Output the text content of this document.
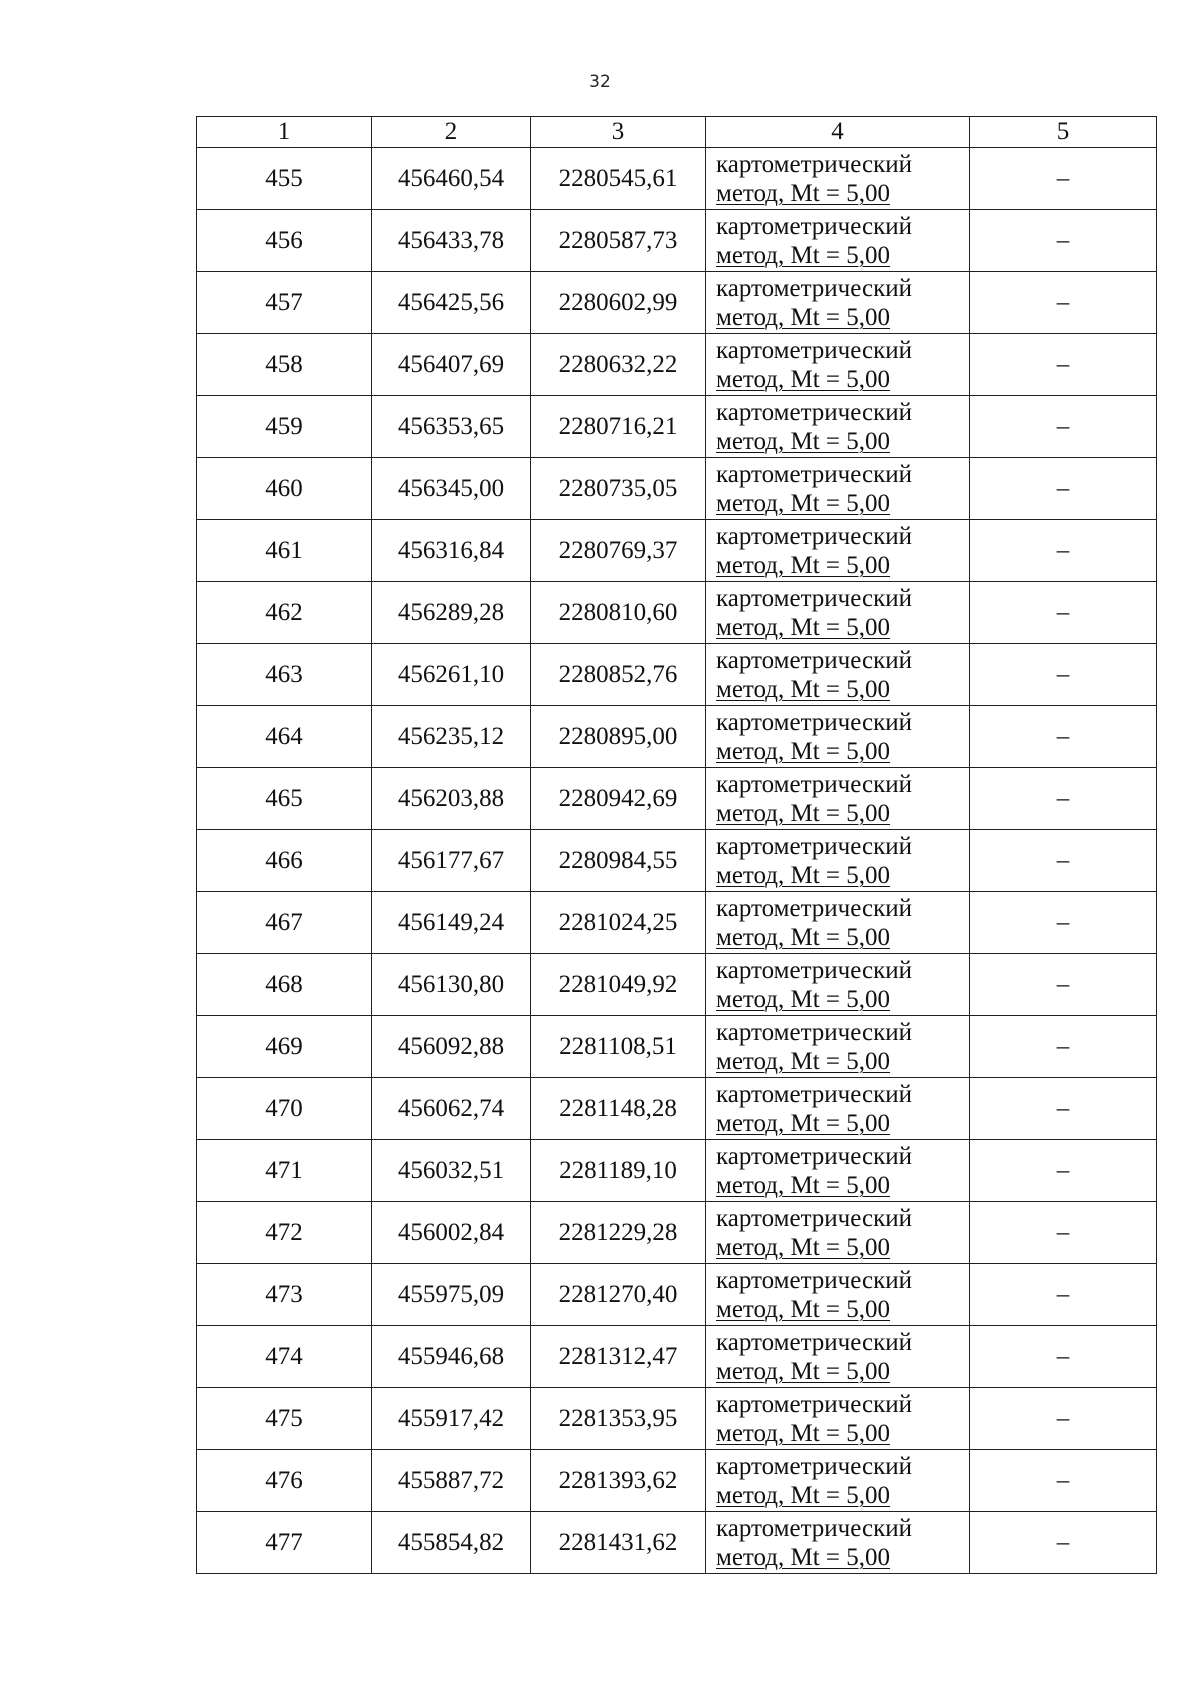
32
1	2	3	4	5
455	456460,54	2280545,61	картометрический
метод, Mt = 5,00	–
456	456433,78	2280587,73	картометрический
метод, Mt = 5,00	–
457	456425,56	2280602,99	картометрический
метод, Mt = 5,00	–
458	456407,69	2280632,22	картометрический
метод, Mt = 5,00	–
459	456353,65	2280716,21	картометрический
метод, Mt = 5,00	–
460	456345,00	2280735,05	картометрический
метод, Mt = 5,00	–
461	456316,84	2280769,37	картометрический
метод, Mt = 5,00	–
462	456289,28	2280810,60	картометрический
метод, Mt = 5,00	–
463	456261,10	2280852,76	картометрический
метод, Mt = 5,00	–
464	456235,12	2280895,00	картометрический
метод, Mt = 5,00	–
465	456203,88	2280942,69	картометрический
метод, Mt = 5,00	–
466	456177,67	2280984,55	картометрический
метод, Mt = 5,00	–
467	456149,24	2281024,25	картометрический
метод, Mt = 5,00	–
468	456130,80	2281049,92	картометрический
метод, Mt = 5,00	–
469	456092,88	2281108,51	картометрический
метод, Mt = 5,00	–
470	456062,74	2281148,28	картометрический
метод, Mt = 5,00	–
471	456032,51	2281189,10	картометрический
метод, Mt = 5,00	–
472	456002,84	2281229,28	картометрический
метод, Mt = 5,00	–
473	455975,09	2281270,40	картометрический
метод, Mt = 5,00	–
474	455946,68	2281312,47	картометрический
метод, Mt = 5,00	–
475	455917,42	2281353,95	картометрический
метод, Mt = 5,00	–
476	455887,72	2281393,62	картометрический
метод, Mt = 5,00	–
477	455854,82	2281431,62	картометрический
метод, Mt = 5,00	–
